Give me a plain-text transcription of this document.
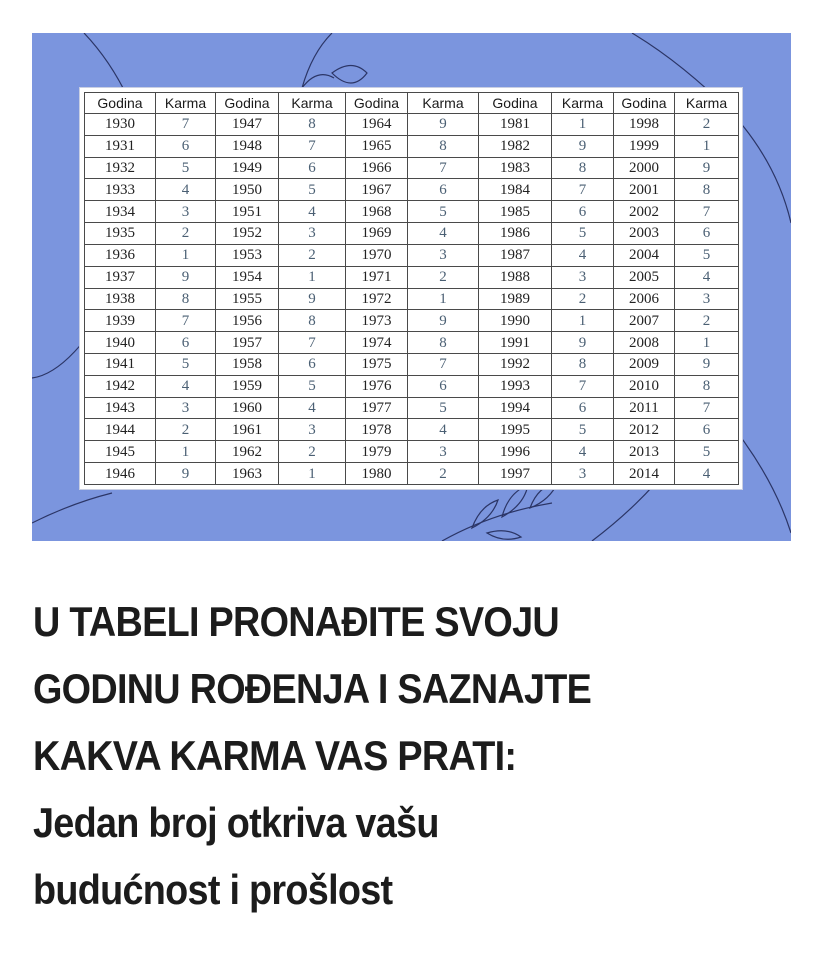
Godina	Karma	Godina	Karma	Godina	Karma	Godina	Karma	Godina	Karma
1930	7	1947	8	1964	9	1981	1	1998	2
1931	6	1948	7	1965	8	1982	9	1999	1
1932	5	1949	6	1966	7	1983	8	2000	9
1933	4	1950	5	1967	6	1984	7	2001	8
1934	3	1951	4	1968	5	1985	6	2002	7
1935	2	1952	3	1969	4	1986	5	2003	6
1936	1	1953	2	1970	3	1987	4	2004	5
1937	9	1954	1	1971	2	1988	3	2005	4
1938	8	1955	9	1972	1	1989	2	2006	3
1939	7	1956	8	1973	9	1990	1	2007	2
1940	6	1957	7	1974	8	1991	9	2008	1
1941	5	1958	6	1975	7	1992	8	2009	9
1942	4	1959	5	1976	6	1993	7	2010	8
1943	3	1960	4	1977	5	1994	6	2011	7
1944	2	1961	3	1978	4	1995	5	2012	6
1945	1	1962	2	1979	3	1996	4	2013	5
1946	9	1963	1	1980	2	1997	3	2014	4
U TABELI PRONAĐITE SVOJU
GODINU ROĐENJA I SAZNAJTE
KAKVA KARMA VAS PRATI:
Jedan broj otkriva vašu
budućnost i prošlost
